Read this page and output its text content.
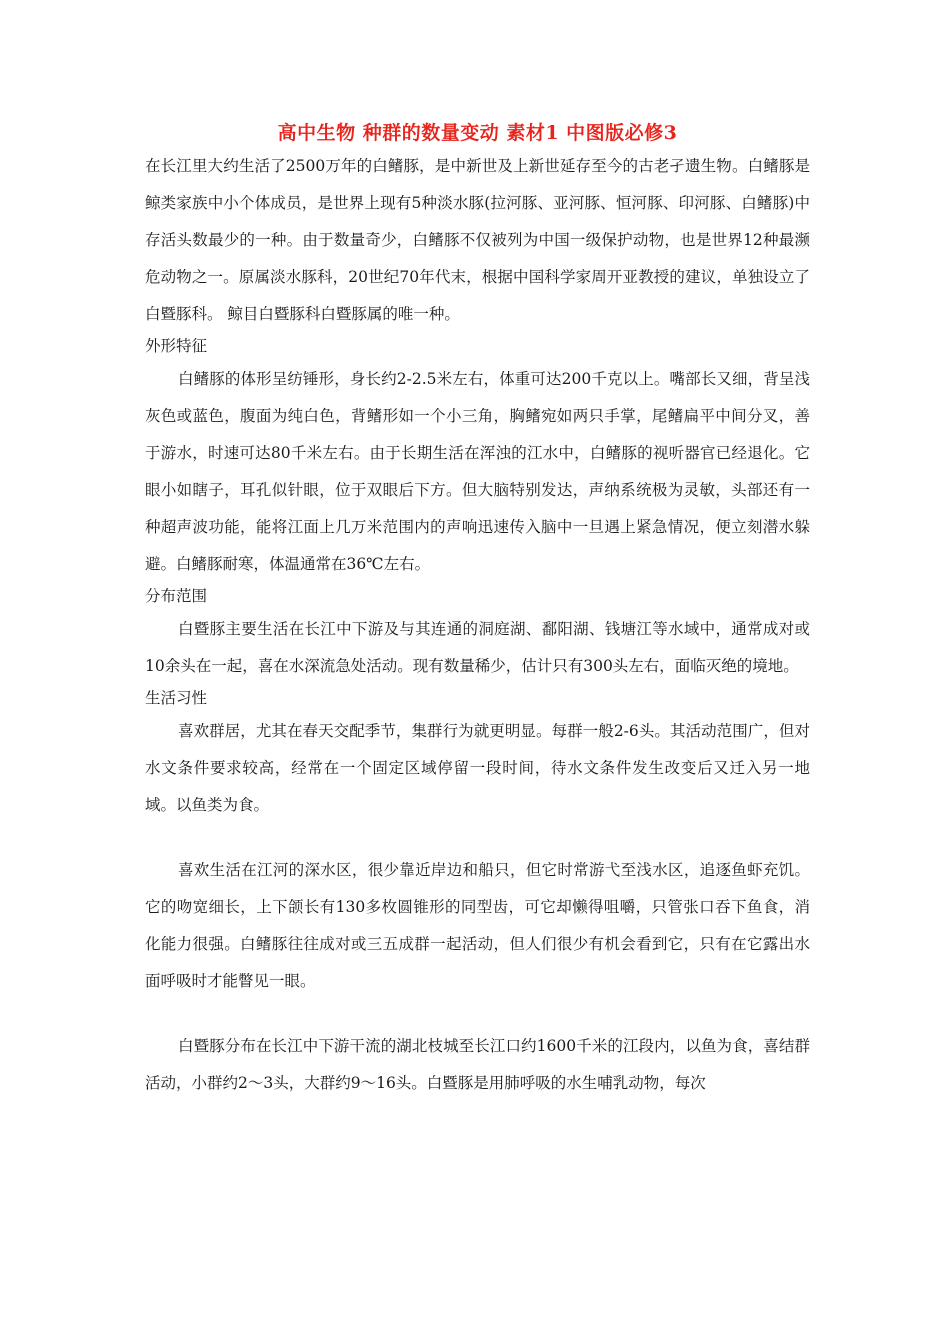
高中生物 种群的数量变动 素材1 中图版必修3

在长江里大约生活了2500万年的白鳍豚，是中新世及上新世延存至今的古老孑遗生物。白鳍豚是鲸类家族中小个体成员，是世界上现有5种淡水豚(拉河豚、亚河豚、恒河豚、印河豚、白鳍豚)中存活头数最少的一种。由于数量奇少，白鳍豚不仅被列为中国一级保护动物，也是世界12种最濒危动物之一。原属淡水豚科，20世纪70年代末，根据中国科学家周开亚教授的建议，单独设立了白暨豚科。 鲸目白暨豚科白暨豚属的唯一种。

外形特征

白鳍豚的体形呈纺锤形，身长约2-2.5米左右，体重可达200千克以上。嘴部长又细，背呈浅灰色或蓝色，腹面为纯白色，背鳍形如一个小三角，胸鳍宛如两只手掌，尾鳍扁平中间分叉，善于游水，时速可达80千米左右。由于长期生活在浑浊的江水中，白鳍豚的视听器官已经退化。它眼小如瞎子，耳孔似针眼，位于双眼后下方。但大脑特别发达，声纳系统极为灵敏，头部还有一种超声波功能，能将江面上几万米范围内的声响迅速传入脑中一旦遇上紧急情况，便立刻潜水躲避。白鳍豚耐寒，体温通常在36℃左右。

分布范围

白暨豚主要生活在长江中下游及与其连通的洞庭湖、鄱阳湖、钱塘江等水域中，通常成对或10余头在一起，喜在水深流急处活动。现有数量稀少，估计只有300头左右，面临灭绝的境地。

生活习性

喜欢群居，尤其在春天交配季节，集群行为就更明显。每群一般2-6头。其活动范围广，但对水文条件要求较高，经常在一个固定区域停留一段时间，待水文条件发生改变后又迁入另一地域。以鱼类为食。

喜欢生活在江河的深水区，很少靠近岸边和船只，但它时常游弋至浅水区，追逐鱼虾充饥。它的吻宽细长，上下颌长有130多枚圆锥形的同型齿，可它却懒得咀嚼，只管张口吞下鱼食，消化能力很强。白鳍豚往往成对或三五成群一起活动，但人们很少有机会看到它，只有在它露出水面呼吸时才能瞥见一眼。

白暨豚分布在长江中下游干流的湖北枝城至长江口约1600千米的江段内，以鱼为食，喜结群活动，小群约2～3头，大群约9～16头。白暨豚是用肺呼吸的水生哺乳动物，每次
